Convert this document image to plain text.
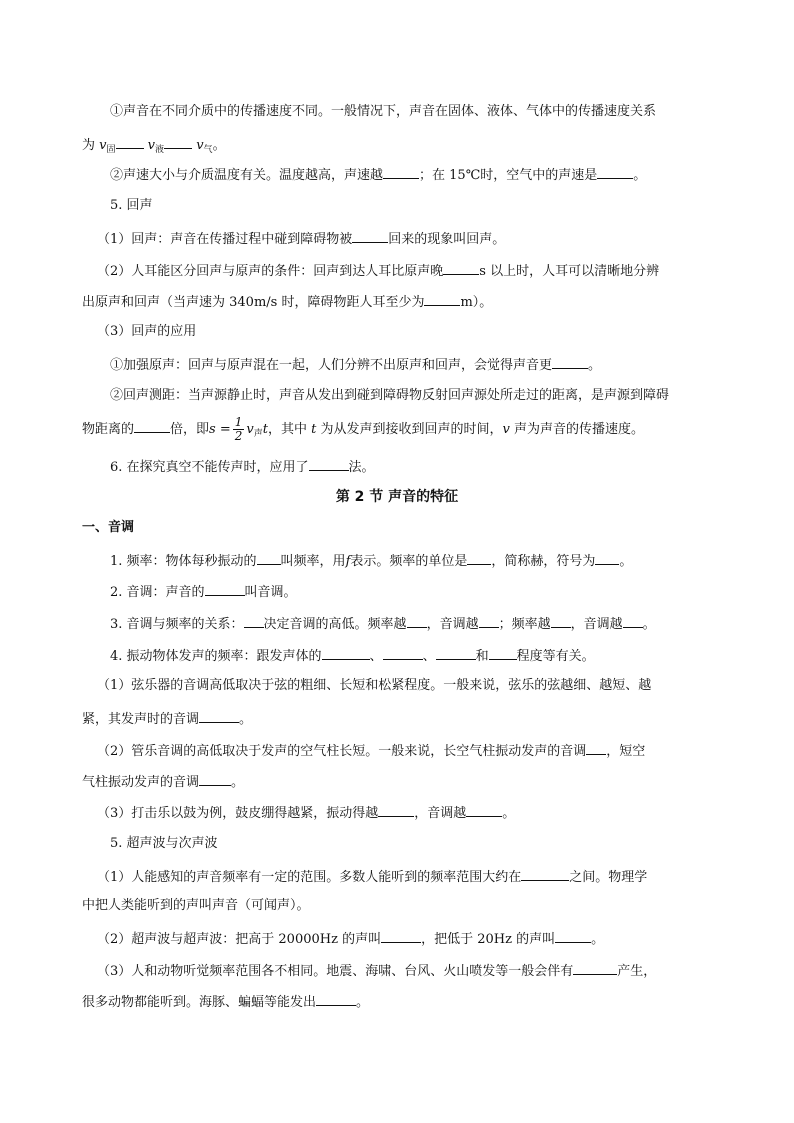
①声音在不同介质中的传播速度不同。一般情况下，声音在固体、液体、气体中的传播速度关系
为 $v_固$ $v_液$ $v_气$。
②声速大小与介质温度有关。温度越高，声速越	；在 15℃时，空气中的声速是	。
5. 回声
（1）回声：声音在传播过程中碰到障碍物被	回来的现象叫回声。
（2）人耳能区分回声与原声的条件：回声到达人耳比原声晚	s 以上时，人耳可以清晰地分辨
出原声和回声（当声速为 340m/s 时，障碍物距人耳至少为	m）。
（3）回声的应用
①加强原声：回声与原声混在一起，人们分辨不出原声和回声，会觉得声音更	。
②回声测距：当声源静止时，声音从发出到碰到障碍物反射回声源处所走过的距离，是声源到障碍
物距离的	倍，即$s = \frac{1}{2} v_声t$，其中 t 为从发声到接收到回声的时间，v 声为声音的传播速度。
6. 在探究真空不能传声时，应用了	法。
第 2 节 声音的特征
一、音调
1. 频率：物体每秒振动的 叫频率，用f表示。频率的单位是 ，简称赫，符号为 。
2. 音调：声音的	叫音调。
3. 音调与频率的关系： 决定音调的高低。频率越 ，音调越 ；频率越 ，音调越 。
4. 振动物体发声的频率：跟发声体的	、	、	和 程度等有关。
（1）弦乐器的音调高低取决于弦的粗细、长短和松紧程度。一般来说，弦乐的弦越细、越短、越
紧，其发声时的音调	。
（2）管乐音调的高低取决于发声的空气柱长短。一般来说，长空气柱振动发声的音调 ，短空
气柱振动发声的音调 。
（3）打击乐以鼓为例，鼓皮绷得越紧，振动得越	，音调越	。
5. 超声波与次声波
（1）人能感知的声音频率有一定的范围。多数人能听到的频率范围大约在	之间。物理学
中把人类能听到的声叫声音（可闻声）。
（2）超声波与超声波：把高于 20000Hz 的声叫	，把低于 20Hz 的声叫	。
（3）人和动物听觉频率范围各不相同。地震、海啸、台风、火山喷发等一般会伴有	产生，
很多动物都能听到。海豚、蝙蝠等能发出	。
